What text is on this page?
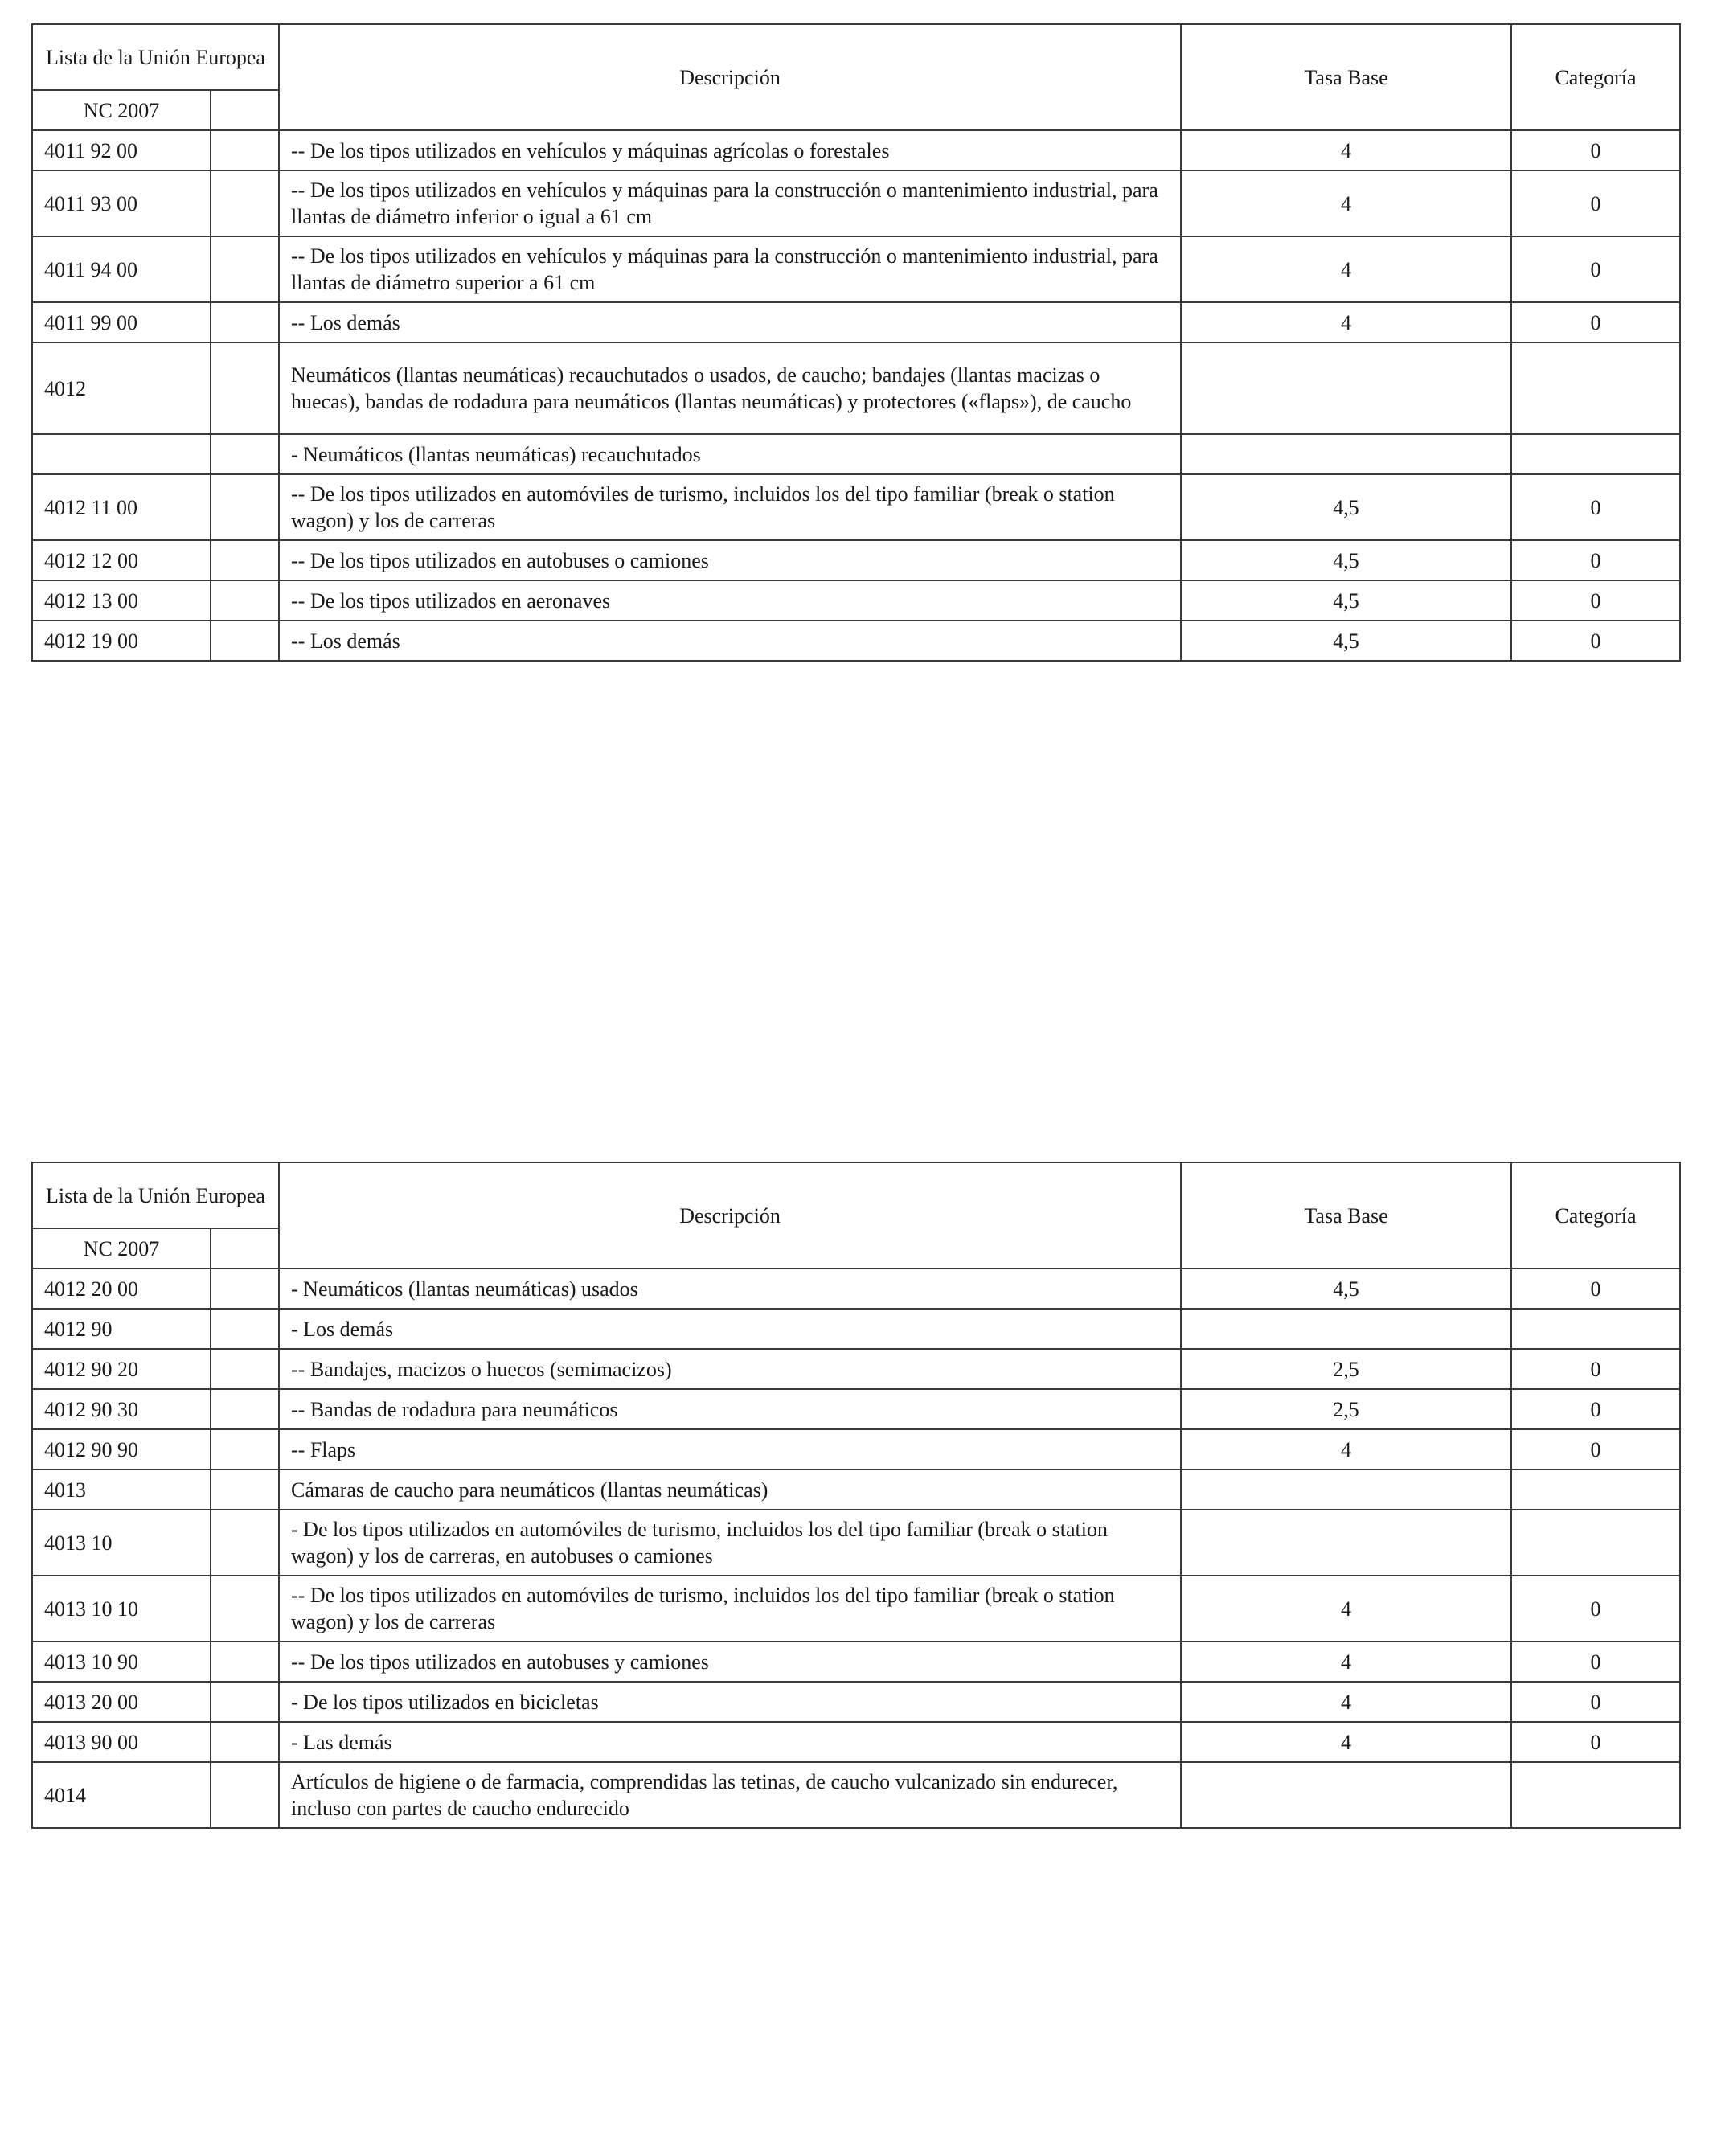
Lista de la Unión Europea		Descripción	Tasa Base	Categoría
NC 2007				
4011 92 00		-- De los tipos utilizados en vehículos y máquinas agrícolas o forestales	4	0
4011 93 00		-- De los tipos utilizados en vehículos y máquinas para la construcción o mantenimiento industrial, para llantas de diámetro inferior o igual a 61 cm	4	0
4011 94 00		-- De los tipos utilizados en vehículos y máquinas para la construcción o mantenimiento industrial, para llantas de diámetro superior a 61 cm	4	0
4011 99 00		-- Los demás	4	0
4012		Neumáticos (llantas neumáticas) recauchutados o usados, de caucho; bandajes (llantas macizas o huecas), bandas de rodadura para neumáticos (llantas neumáticas) y protectores («flaps»), de caucho		
		- Neumáticos (llantas neumáticas) recauchutados		
4012 11 00		-- De los tipos utilizados en automóviles de turismo, incluidos los del tipo familiar (break o station wagon) y los de carreras	4,5	0
4012 12 00		-- De los tipos utilizados en autobuses o camiones	4,5	0
4012 13 00		-- De los tipos utilizados en aeronaves	4,5	0
4012 19 00		-- Los demás	4,5	0
Lista de la Unión Europea		Descripción	Tasa Base	Categoría
NC 2007				
4012 20 00		- Neumáticos (llantas neumáticas) usados	4,5	0
4012 90		- Los demás		
4012 90 20		-- Bandajes, macizos o huecos (semimacizos)	2,5	0
4012 90 30		-- Bandas de rodadura para neumáticos	2,5	0
4012 90 90		-- Flaps	4	0
4013		Cámaras de caucho para neumáticos (llantas neumáticas)		
4013 10		- De los tipos utilizados en automóviles de turismo, incluidos los del tipo familiar (break o station wagon) y los de carreras, en autobuses o camiones		
4013 10 10		-- De los tipos utilizados en automóviles de turismo, incluidos los del tipo familiar (break o station wagon) y los de carreras	4	0
4013 10 90		-- De los tipos utilizados en autobuses y camiones	4	0
4013 20 00		- De los tipos utilizados en bicicletas	4	0
4013 90 00		- Las demás	4	0
4014		Artículos de higiene o de farmacia, comprendidas las tetinas, de caucho vulcanizado sin endurecer, incluso con partes de caucho endurecido		
